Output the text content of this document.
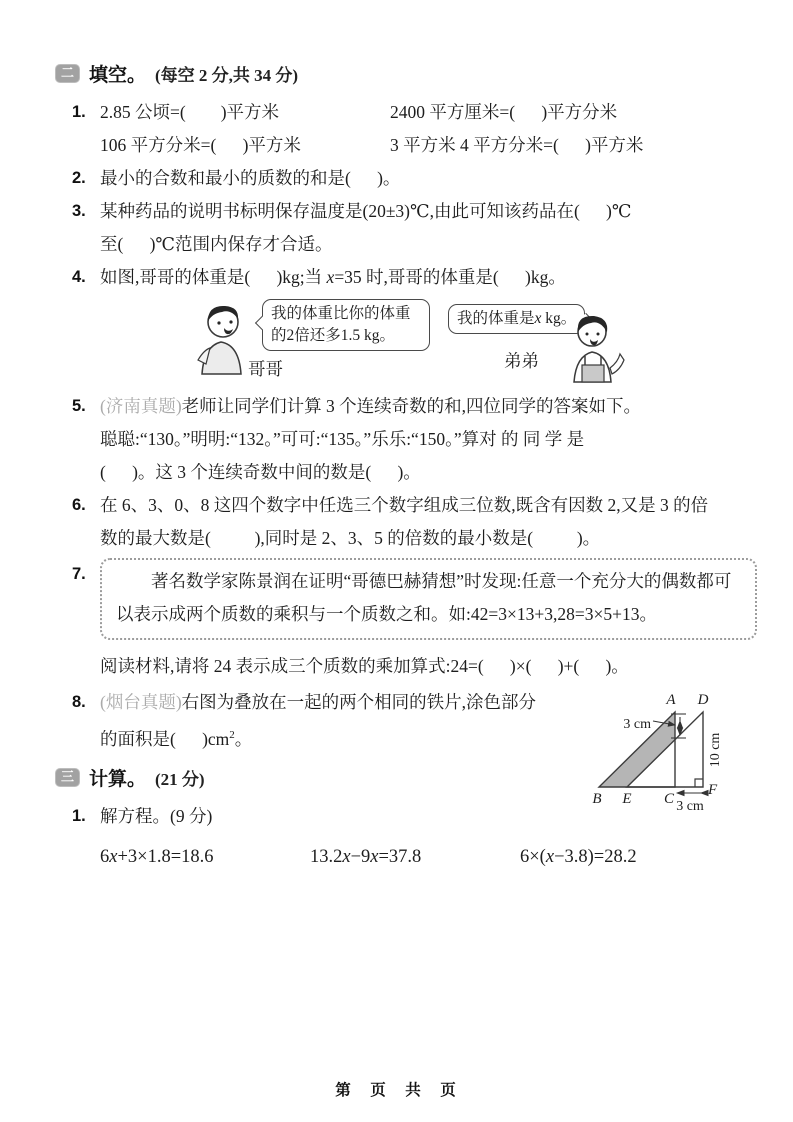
二 填空。 (每空 2 分,共 34 分)
1. 2.85 公顷=(        )平方米	2400 平方厘米=(      )平方分米
106 平方分米=(      )平方米	3 平方米 4 平方分米=(      )平方米
2. 最小的合数和最小的质数的和是(      )。
3. 某种药品的说明书标明保存温度是(20±3)℃,由此可知该药品在(      )℃
至(      )℃范围内保存才合适。
4. 如图,哥哥的体重是(      )kg;当 x=35 时,哥哥的体重是(      )kg。
我的体重比你的体重的2倍还多1.5 kg。
我的体重是x kg。
哥哥	弟弟
5. (济南真题)老师让同学们计算 3 个连续奇数的和,四位同学的答案如下。
聪聪:“130。”明明:“132。”可可:“135。”乐乐:“150。”算对 的 同 学 是
(      )。这 3 个连续奇数中间的数是(      )。
6. 在 6、3、0、8 这四个数字中任选三个数字组成三位数,既含有因数 2,又是 3 的倍
数的最大数是(          ),同时是 2、3、5 的倍数的最小数是(          )。
7.	著名数学家陈景润在证明“哥德巴赫猜想”时发现:任意一个充分大的偶数都可以表示成两个质数的乘积与一个质数之和。如:42=3×13+3,28=3×5+13。
阅读材料,请将 24 表示成三个质数的乘加算式:24=(      )×(      )+(      )。
8. (烟台真题)右图为叠放在一起的两个相同的铁片,涂色部分
的面积是(      )$cm^2$。
三 计算。 (21 分)
1. 解方程。(9 分)
6x+3×1.8=18.6	13.2x−9x=37.8	6×(x−3.8)=28.2
3 cm
10 cm
3 cm
A D
B E C
F
第　页　共　页
